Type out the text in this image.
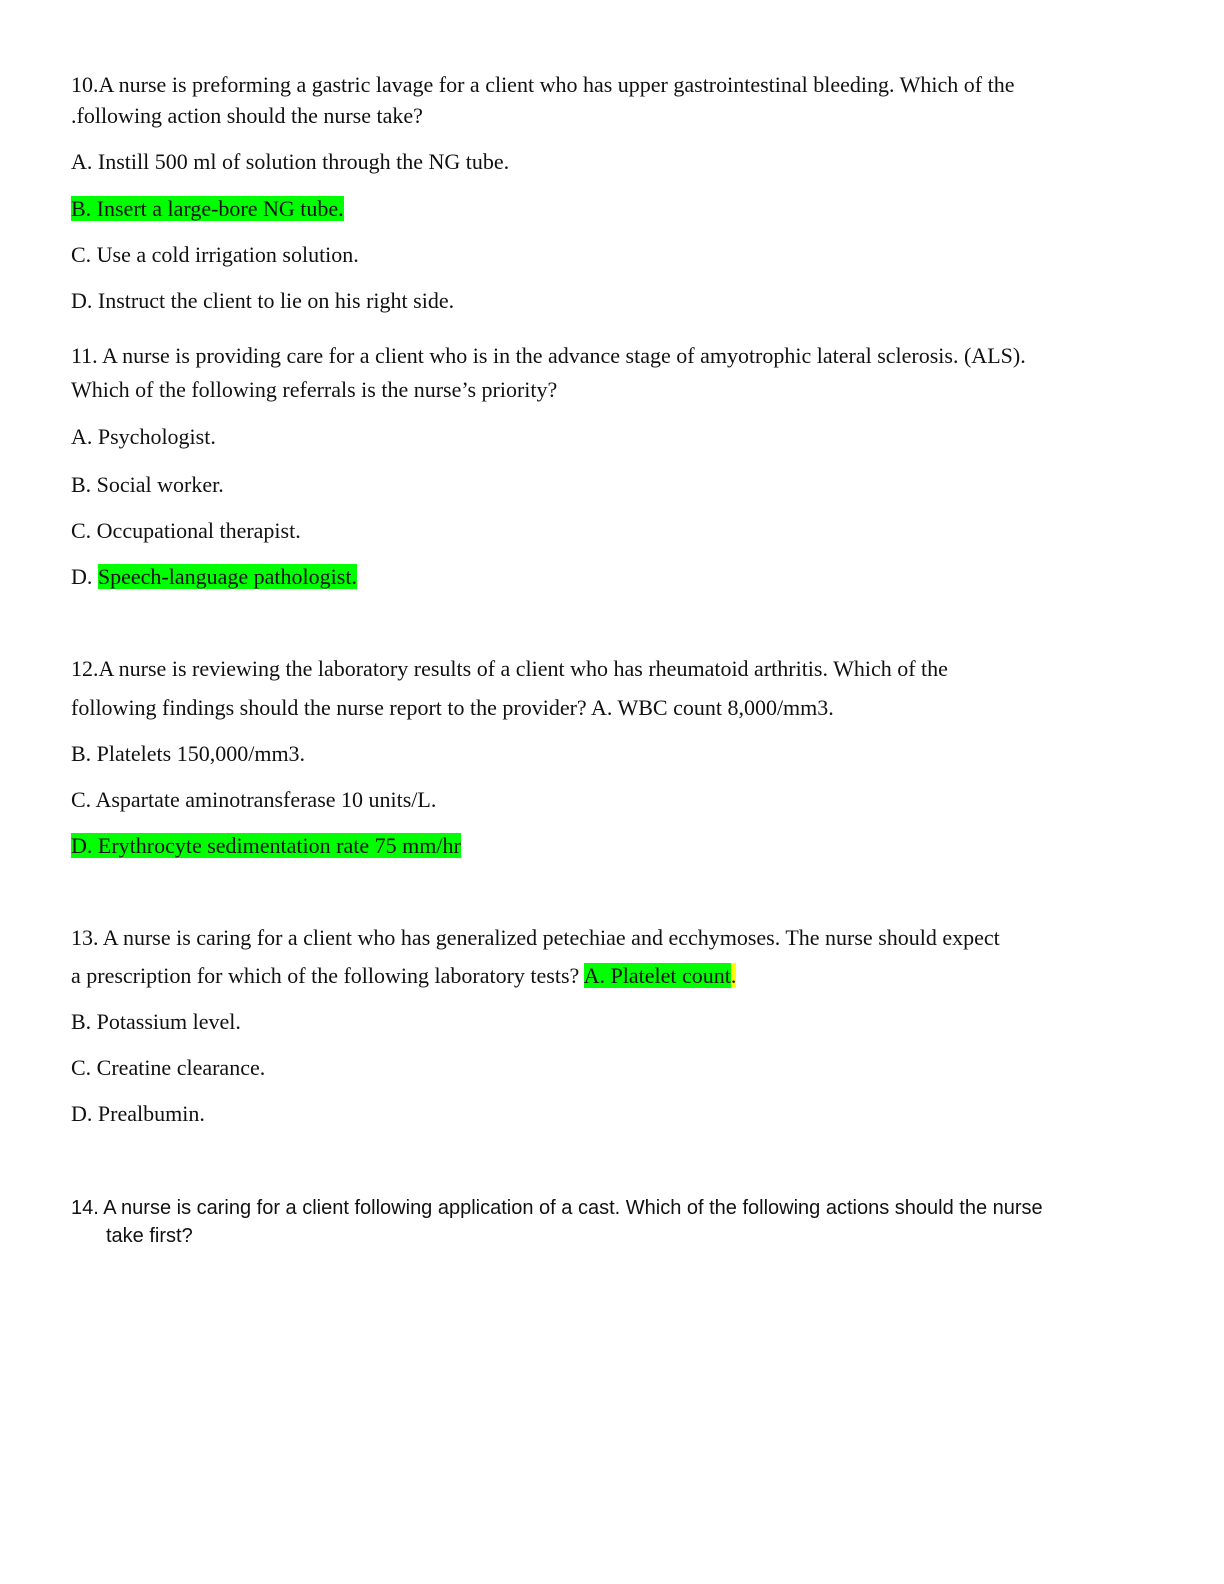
10.A nurse is preforming a gastric lavage for a client who has upper gastrointestinal bleeding. Which of the
.following action should the nurse take?
A. Instill 500 ml of solution through the NG tube.
B. Insert a large-bore NG tube.
C. Use a cold irrigation solution.
D. Instruct the client to lie on his right side.
11. A nurse is providing care for a client who is in the advance stage of amyotrophic lateral sclerosis. (ALS).
Which of the following referrals is the nurse’s priority?
A. Psychologist.
B. Social worker.
C. Occupational therapist.
D. Speech-language pathologist.
12.A nurse is reviewing the laboratory results of a client who has rheumatoid arthritis. Which of the
following findings should the nurse report to the provider? A. WBC count 8,000/mm3.
B. Platelets 150,000/mm3.
C. Aspartate aminotransferase 10 units/L.
D. Erythrocyte sedimentation rate 75 mm/hr
13. A nurse is caring for a client who has generalized petechiae and ecchymoses. The nurse should expect
a prescription for which of the following laboratory tests? A. Platelet count.
B. Potassium level.
C. Creatine clearance.
D. Prealbumin.
14. A nurse is caring for a client following application of a cast. Which of the following actions should the nurse
take first?
